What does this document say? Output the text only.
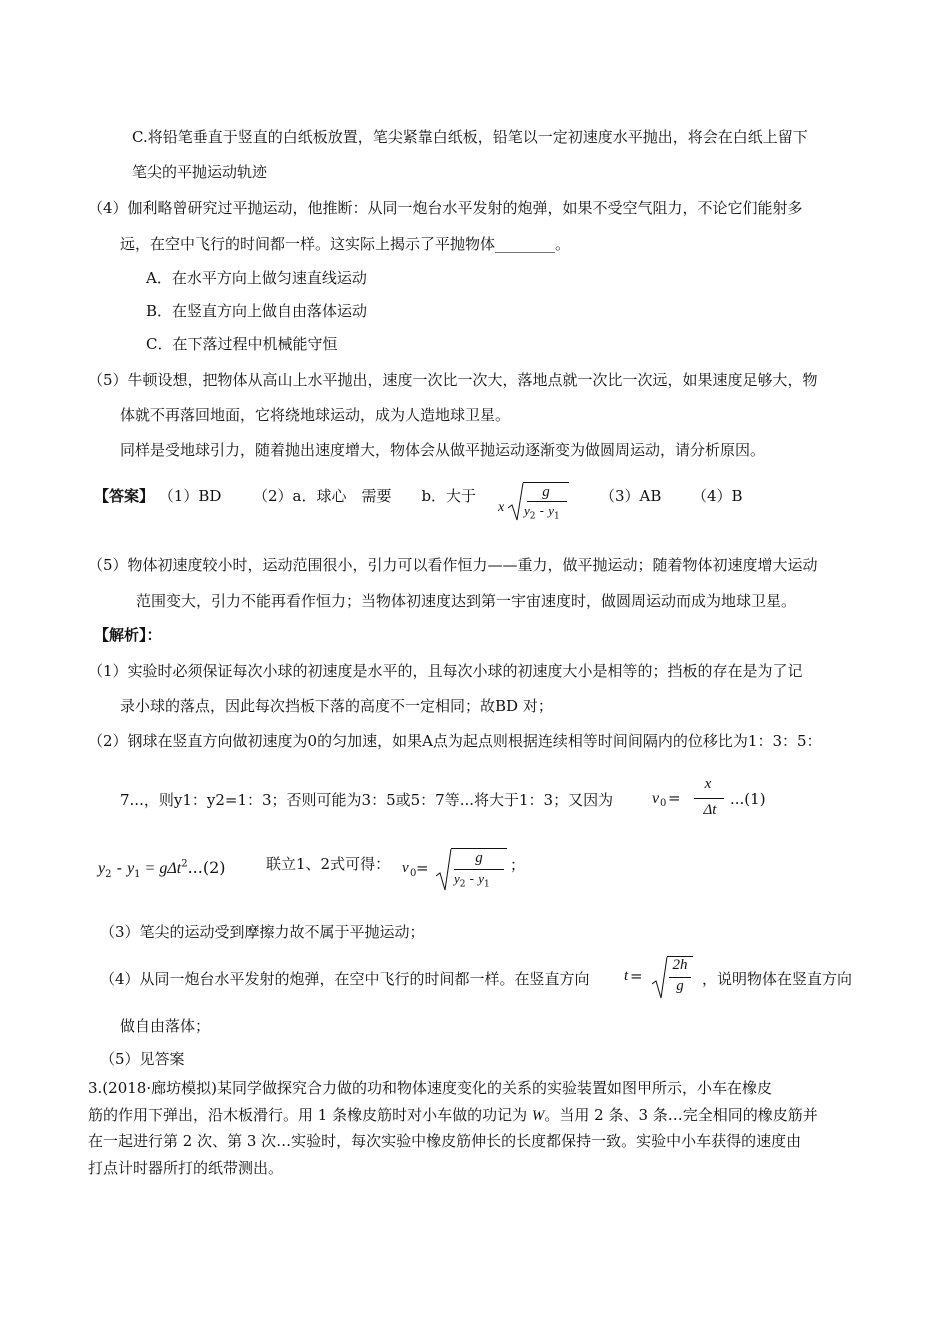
C.将铅笔垂直于竖直的白纸板放置，笔尖紧靠白纸板，铅笔以一定初速度水平抛出，将会在白纸上留下
笔尖的平抛运动轨迹
（4）伽利略曾研究过平抛运动，他推断：从同一炮台水平发射的炮弹，如果不受空气阻力，不论它们能射多
远，在空中飞行的时间都一样。这实际上揭示了平抛物体________。
A．在水平方向上做匀速直线运动
B．在竖直方向上做自由落体运动
C．在下落过程中机械能守恒
（5）牛顿设想，把物体从高山上水平抛出，速度一次比一次大，落地点就一次比一次远，如果速度足够大，物
体就不再落回地面，它将绕地球运动，成为人造地球卫星。
同样是受地球引力，随着抛出速度增大，物体会从做平抛运动逐渐变为做圆周运动，请分析原因。
【答案】 （1）BD （2）a．球心　需要　　b．大于
x
g
$y_2 - y_1$
（3）AB （4）B
（5）物体初速度较小时，运动范围很小，引力可以看作恒力——重力，做平抛运动；随着物体初速度增大运动
范围变大，引力不能再看作恒力；当物体初速度达到第一宇宙速度时，做圆周运动而成为地球卫星。
【解析】：
（1）实验时必须保证每次小球的初速度是水平的，且每次小球的初速度大小是相等的；挡板的存在是为了记
录小球的落点，因此每次挡板下落的高度不一定相同；故BD 对；
（2）钢球在竖直方向做初速度为0的匀加速，如果A点为起点则根据连续相等时间间隔内的位移比为1：3：5：
7...，则y1：y2=1：3；否则可能为3：5或5：7等...将大于1：3；又因为 v 0 =
x
Δt
...(1)
$y_2 - y_1 = g\Delta t^2...(2)$	联立1、2式可得： v 0 =
g
$y_2 - y_1$
；
（3）笔尖的运动受到摩擦力故不属于平抛运动；
（4）从同一炮台水平发射的炮弹，在空中飞行的时间都一样。在竖直方向 t =
2h
g	，说明物体在竖直方向
做自由落体；
（5）见答案
3.(2018·廊坊模拟)某同学做探究合力做的功和物体速度变化的关系的实验装置如图甲所示，小车在橡皮
筋的作用下弹出，沿木板滑行。用 1 条橡皮筋时对小车做的功记为 W。当用 2 条、3 条…完全相同的橡皮筋并
在一起进行第 2 次、第 3 次…实验时，每次实验中橡皮筋伸长的长度都保持一致。实验中小车获得的速度由
打点计时器所打的纸带测出。
